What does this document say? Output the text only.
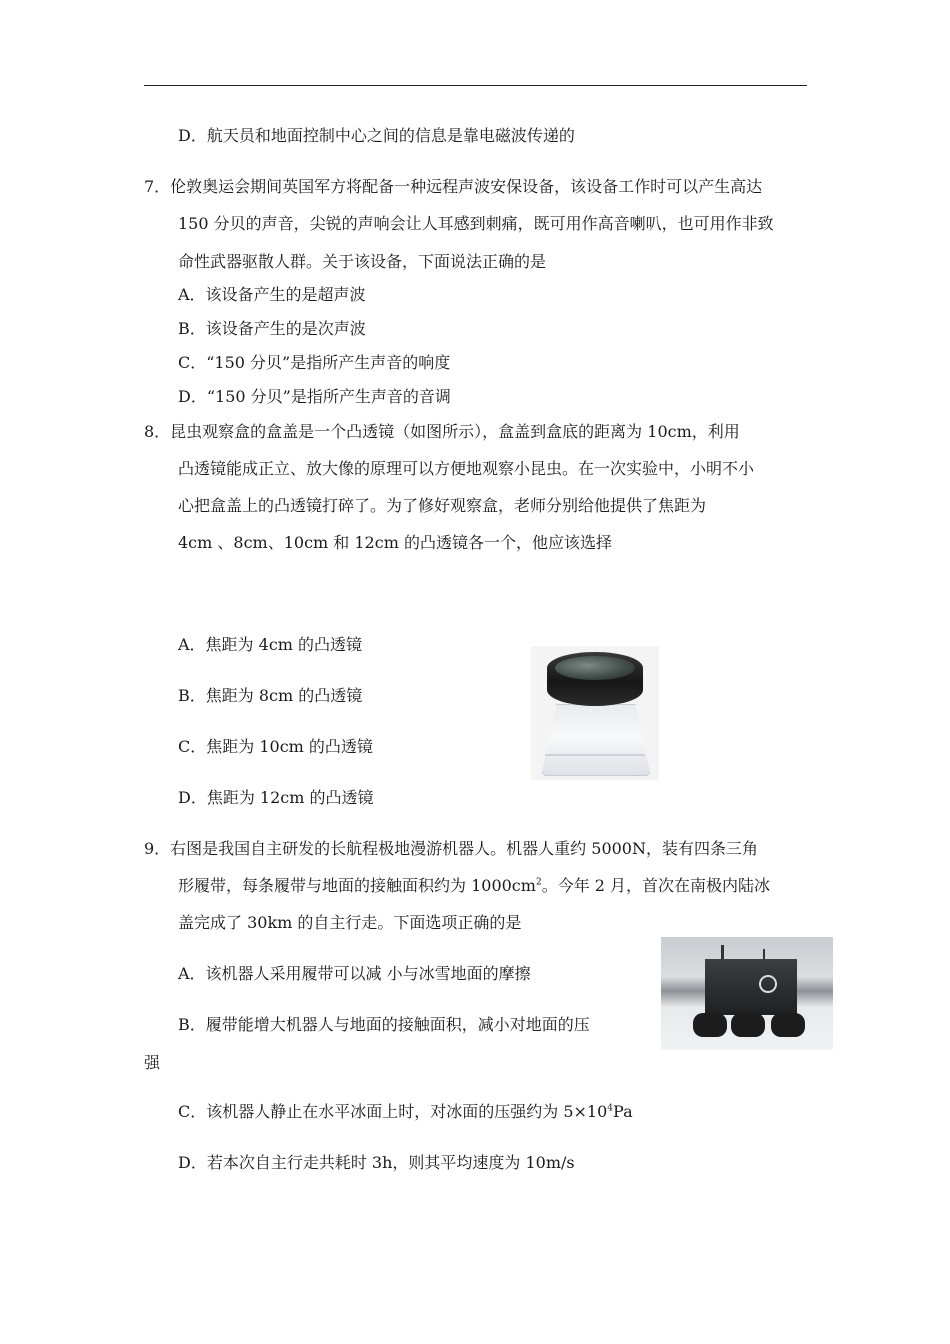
D．航天员和地面控制中心之间的信息是靠电磁波传递的
7．伦敦奥运会期间英国军方将配备一种远程声波安保设备，该设备工作时可以产生高达
150 分贝的声音，尖锐的声响会让人耳感到刺痛，既可用作高音喇叭，也可用作非致
命性武器驱散人群。关于该设备，下面说法正确的是
A．该设备产生的是超声波
B．该设备产生的是次声波
C．“150 分贝”是指所产生声音的响度
D．“150 分贝”是指所产生声音的音调
8．昆虫观察盒的盒盖是一个凸透镜（如图所示），盒盖到盒底的距离为 10cm，利用
凸透镜能成正立、放大像的原理可以方便地观察小昆虫。在一次实验中，小明不小
心把盒盖上的凸透镜打碎了。为了修好观察盒，老师分别给他提供了焦距为
4cm 、8cm、10cm 和 12cm 的凸透镜各一个，他应该选择
A．焦距为 4cm 的凸透镜
B．焦距为 8cm 的凸透镜
C．焦距为 10cm 的凸透镜
D．焦距为 12cm 的凸透镜
9．右图是我国自主研发的长航程极地漫游机器人。机器人重约 5000N，装有四条三角
形履带，每条履带与地面的接触面积约为 $1000cm^2$。今年 2 月，首次在南极内陆冰
盖完成了 30km 的自主行走。下面选项正确的是
A．该机器人采用履带可以减 小与冰雪地面的摩擦
B．履带能增大机器人与地面的接触面积，减小对地面的压
强
C．该机器人静止在水平冰面上时，对冰面的压强约为 $5\times 10^4Pa$
D．若本次自主行走共耗时 3h，则其平均速度为 10m/s
